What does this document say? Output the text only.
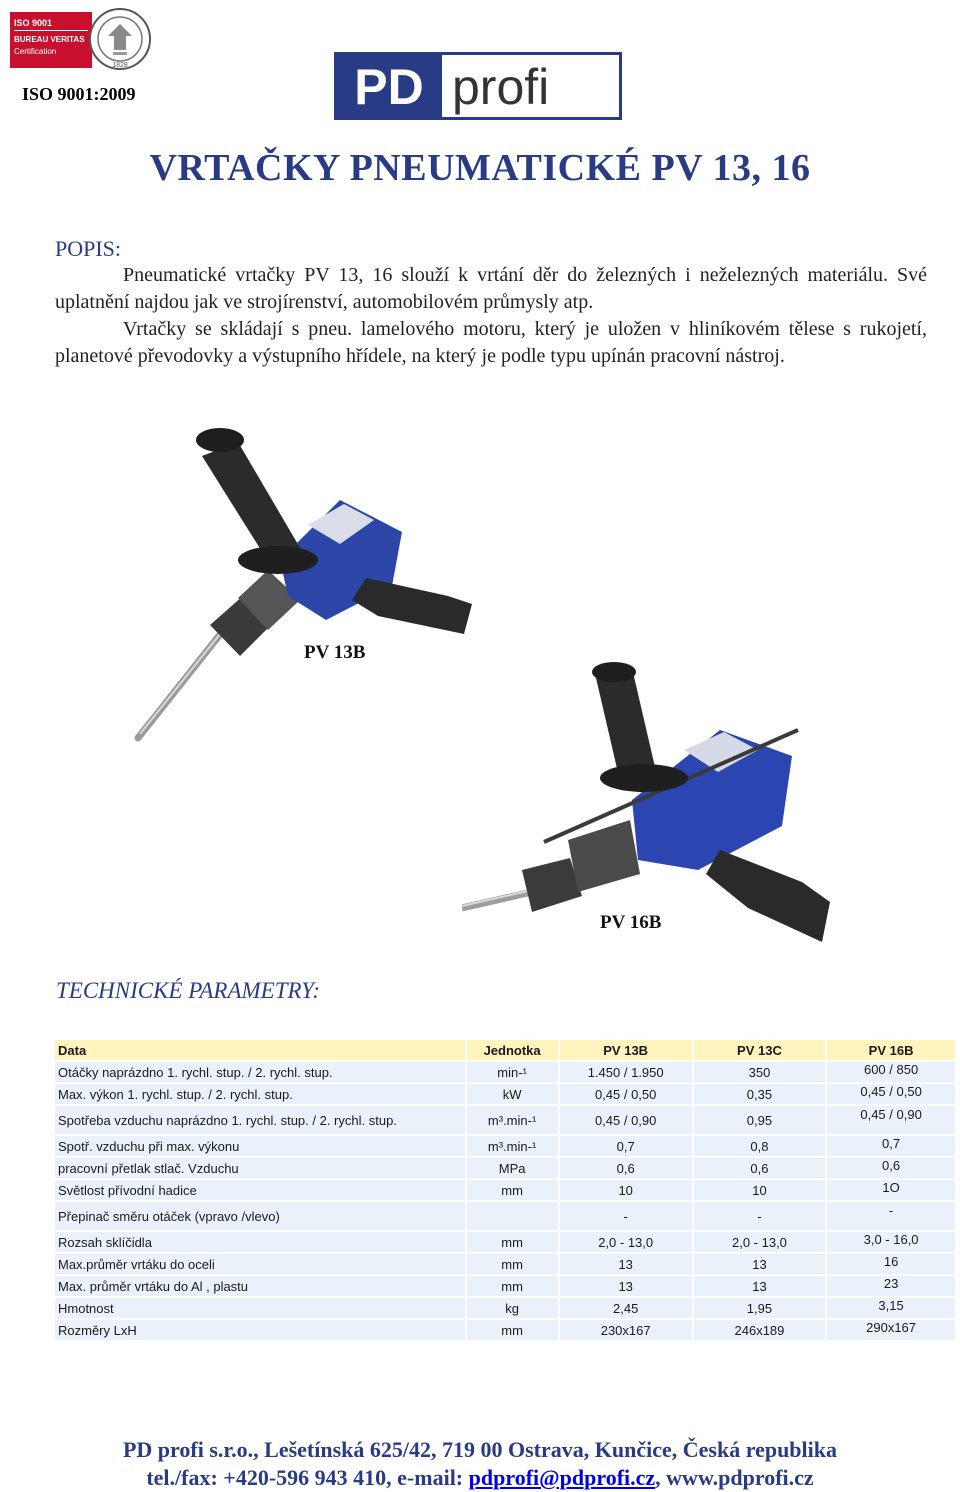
ISO 9001
BUREAU VERITAS
Certification
1828
ISO 9001:2009	PD profi
VRTAČKY PNEUMATICKÉ PV 13, 16
POPIS:

Pneumatické vrtačky PV 13, 16 slouží k vrtání děr do železných i neželezných materiálu. Své uplatnění najdou jak ve strojírenství, automobilovém průmysly atp.

Vrtačky se skládají s pneu. lamelového motoru, který je uložen v hliníkovém tělese s rukojetí, planetové převodovky a výstupního hřídele, na který je podle typu upínán pracovní nástroj.

PV 13B
PV 16B
TECHNICKÉ PARAMETRY:
Data	Jednotka	PV 13B	PV 13C	PV 16B
Otáčky naprázdno 1. rychl. stup. / 2. rychl. stup.	min-¹	1.450 / 1.950	350	600 / 850
Max. výkon 1. rychl. stup. / 2. rychl. stup.	kW	0,45 / 0,50	0,35	0,45 / 0,50
Spotřeba vzduchu naprázdno 1. rychl. stup. / 2. rychl. stup.	m³.min-¹	0,45 / 0,90	0,95	0,45 / 0,90
Spotř. vzduchu při max. výkonu	m³.min-¹	0,7	0,8	0,7
pracovní přetlak stlač. Vzduchu	MPa	0,6	0,6	0,6
Světlost přívodní hadice	mm	10	10	1O
Přepinač směru otáček (vpravo /vlevo)		-	-	-
Rozsah sklíčidla	mm	2,0 - 13,0	2,0 - 13,0	3,0 - 16,0
Max.průměr vrtáku do oceli	mm	13	13	16
Max. průměr vrtáku do Al , plastu	mm	13	13	23
Hmotnost	kg	2,45	1,95	3,15
Rozměry LxH	mm	230x167	246x189	290x167
PD profi s.r.o., Lešetínská 625/42, 719 00 Ostrava, Kunčice, Česká republika
tel./fax: +420-596 943 410, e-mail: pdprofi@pdprofi.cz, www.pdprofi.cz
